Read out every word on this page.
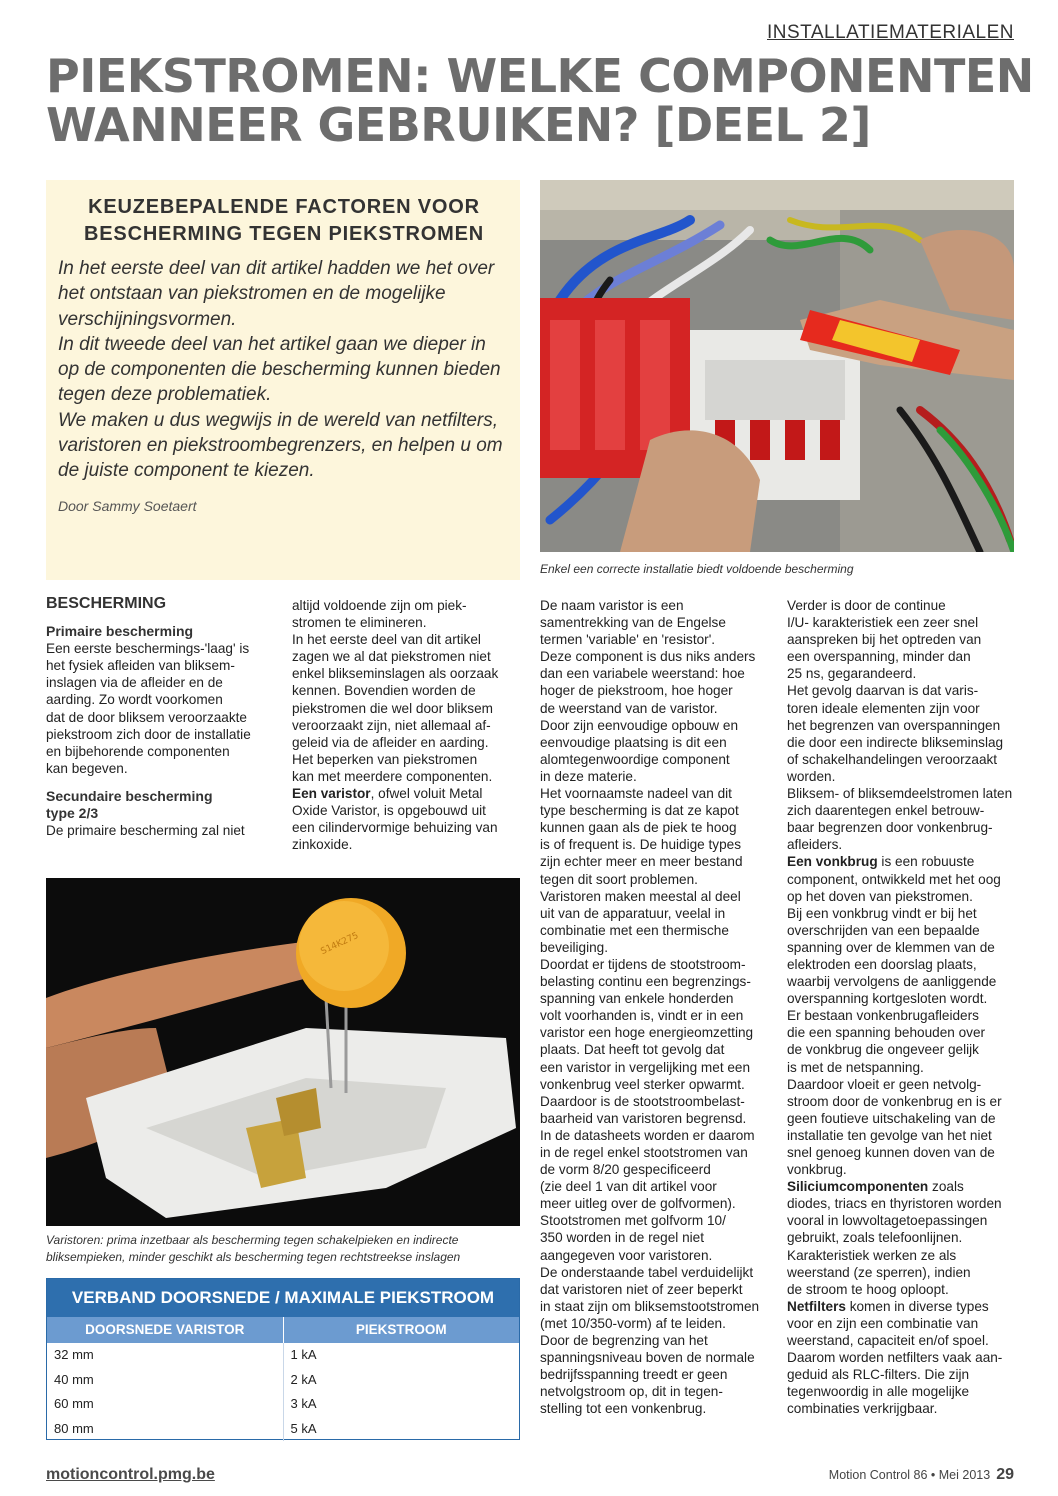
INSTALLATIEMATERIALEN
PIEKSTROMEN: WELKE COMPONENTEN
WANNEER GEBRUIKEN? [DEEL 2]
KEUZEBEPALENDE FACTOREN VOOR
BESCHERMING TEGEN PIEKSTROMEN
In het eerste deel van dit artikel hadden we het over
het ontstaan van piekstromen en de mogelijke
verschijningsvormen.
In dit tweede deel van het artikel gaan we dieper in
op de componenten die bescherming kunnen bieden
tegen deze problematiek.
We maken u dus wegwijs in de wereld van netfilters,
varistoren en piekstroombegrenzers, en helpen u om
de juiste component te kiezen.
Door Sammy Soetaert
Enkel een correcte installatie biedt voldoende bescherming

BESCHERMING

Primaire bescherming

Een eerste beschermings-'laag' is
het fysiek afleiden van bliksem-
inslagen via de afleider en de
aarding. Zo wordt voorkomen
dat de door bliksem veroorzaakte
piekstroom zich door de installatie
en bijbehorende componenten
kan begeven.

Secundaire bescherming
type 2/3

De primaire bescherming zal niet
altijd voldoende zijn om piek-
stromen te elimineren.
In het eerste deel van dit artikel
zagen we al dat piekstromen niet
enkel blikseminslagen als oorzaak
kennen. Bovendien worden de
piekstromen die wel door bliksem
veroorzaakt zijn, niet allemaal af-
geleid via de afleider en aarding.
Het beperken van piekstromen
kan met meerdere componenten.
Een varistor, ofwel voluit Metal
Oxide Varistor, is opgebouwd uit
een cilindervormige behuizing van
zinkoxide.
S14K275
Varistoren: prima inzetbaar als bescherming tegen schakelpieken en indirecte
bliksempieken, minder geschikt als bescherming tegen rechtstreekse inslagen
VERBAND DOORSNEDE / MAXIMALE PIEKSTROOM
DOORSNEDE VARISTOR	PIEKSTROOM
32 mm	1 kA
40 mm	2 kA
60 mm	3 kA
80 mm	5 kA
De naam varistor is een
samentrekking van de Engelse
termen 'variable' en 'resistor'.
Deze component is dus niks anders
dan een variabele weerstand: hoe
hoger de piekstroom, hoe hoger
de weerstand van de varistor.
Door zijn eenvoudige opbouw en
eenvoudige plaatsing is dit een
alomtegenwoordige component
in deze materie.
Het voornaamste nadeel van dit
type bescherming is dat ze kapot
kunnen gaan als de piek te hoog
is of frequent is. De huidige types
zijn echter meer en meer bestand
tegen dit soort problemen.
Varistoren maken meestal al deel
uit van de apparatuur, veelal in
combinatie met een thermische
beveiliging.
Doordat er tijdens de stootstroom-
belasting continu een begrenzings-
spanning van enkele honderden
volt voorhanden is, vindt er in een
varistor een hoge energieomzetting
plaats. Dat heeft tot gevolg dat
een varistor in vergelijking met een
vonkenbrug veel sterker opwarmt.
Daardoor is de stootstroombelast-
baarheid van varistoren begrensd.
In de datasheets worden er daarom
in de regel enkel stootstromen van
de vorm 8/20 gespecificeerd
(zie deel 1 van dit artikel voor
meer uitleg over de golfvormen).
Stootstromen met golfvorm 10/
350 worden in de regel niet
aangegeven voor varistoren.
De onderstaande tabel verduidelijkt
dat varistoren niet of zeer beperkt
in staat zijn om bliksemstootstromen
(met 10/350-vorm) af te leiden.
Door de begrenzing van het
spanningsniveau boven de normale
bedrijfsspanning treedt er geen
netvolgstroom op, dit in tegen-
stelling tot een vonkenbrug.
Verder is door de continue
I/U- karakteristiek een zeer snel
aanspreken bij het optreden van
een overspanning, minder dan
25 ns, gegarandeerd.
Het gevolg daarvan is dat varis-
toren ideale elementen zijn voor
het begrenzen van overspanningen
die door een indirecte blikseminslag
of schakelhandelingen veroorzaakt
worden.
Bliksem- of bliksemdeelstromen laten
zich daarentegen enkel betrouw-
baar begrenzen door vonkenbrug-
afleiders.
Een vonkbrug is een robuuste
component, ontwikkeld met het oog
op het doven van piekstromen.
Bij een vonkbrug vindt er bij het
overschrijden van een bepaalde
spanning over de klemmen van de
elektroden een doorslag plaats,
waarbij vervolgens de aanliggende
overspanning kortgesloten wordt.
Er bestaan vonkenbrugafleiders
die een spanning behouden over
de vonkbrug die ongeveer gelijk
is met de netspanning.
Daardoor vloeit er geen netvolg-
stroom door de vonkenbrug en is er
geen foutieve uitschakeling van de
installatie ten gevolge van het niet
snel genoeg kunnen doven van de
vonkbrug.
Siliciumcomponenten zoals
diodes, triacs en thyristoren worden
vooral in lowvoltagetoepassingen
gebruikt, zoals telefoonlijnen.
Karakteristiek werken ze als
weerstand (ze sperren), indien
de stroom te hoog oploopt.
Netfilters komen in diverse types
voor en zijn een combinatie van
weerstand, capaciteit en/of spoel.
Daarom worden netfilters vaak aan-
geduid als RLC-filters. Die zijn
tegenwoordig in alle mogelijke
combinaties verkrijgbaar.
motioncontrol.pmg.be	Motion Control 86 • Mei 2013 29
